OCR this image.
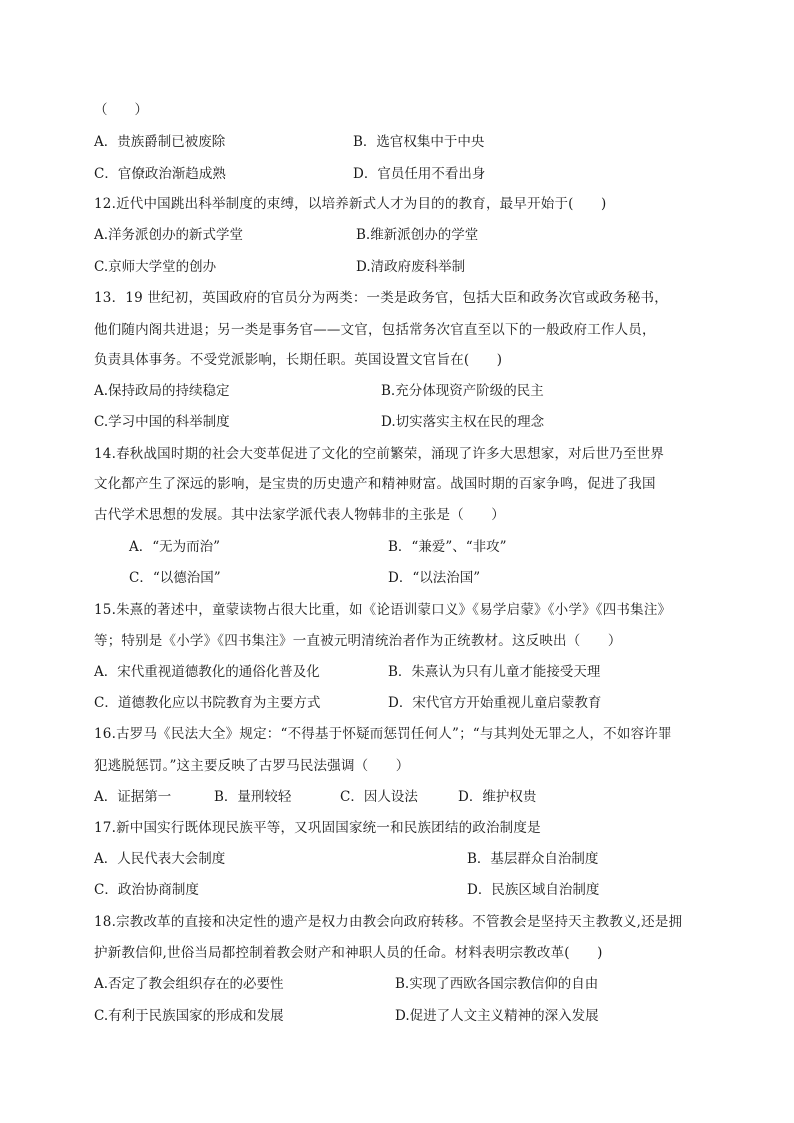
（　　）
A．贵族爵制已被废除	B．选官权集中于中央
C．官僚政治渐趋成熟	D．官员任用不看出身
12.近代中国跳出科举制度的束缚，以培养新式人才为目的的教育，最早开始于(　　)
A.洋务派创办的新式学堂	B.维新派创办的学堂
C.京师大学堂的创办	D.清政府废科举制
13．19 世纪初，英国政府的官员分为两类：一类是政务官，包括大臣和政务次官或政务秘书，
他们随内阁共进退；另一类是事务官——文官，包括常务次官直至以下的一般政府工作人员，
负责具体事务。不受党派影响，长期任职。英国设置文官旨在(　　)
A.保持政局的持续稳定	B.充分体现资产阶级的民主
C.学习中国的科举制度	D.切实落实主权在民的理念
14.春秋战国时期的社会大变革促进了文化的空前繁荣，涌现了许多大思想家，对后世乃至世界
文化都产生了深远的影响，是宝贵的历史遗产和精神财富。战国时期的百家争鸣，促进了我国
古代学术思想的发展。其中法家学派代表人物韩非的主张是（　　）
A．“无为而治”	B．“兼爱”、“非攻”
C．“以德治国”	D．“以法治国”
15.朱熹的著述中，童蒙读物占很大比重，如《论语训蒙口义》《易学启蒙》《小学》《四书集注》
等；特别是《小学》《四书集注》一直被元明清统治者作为正统教材。这反映出（　　）
A．宋代重视道德教化的通俗化普及化	B．朱熹认为只有儿童才能接受天理
C．道德教化应以书院教育为主要方式	D．宋代官方开始重视儿童启蒙教育
16.古罗马《民法大全》规定：“不得基于怀疑而惩罚任何人”；“与其判处无罪之人，不如容许罪
犯逃脱惩罚。”这主要反映了古罗马民法强调（　　）
A．证据第一	B．量刑较轻	C．因人设法	D．维护权贵
17.新中国实行既体现民族平等，又巩固国家统一和民族团结的政治制度是
A．人民代表大会制度	B．基层群众自治制度
C．政治协商制度	D．民族区域自治制度
18.宗教改革的直接和决定性的遗产是权力由教会向政府转移。不管教会是坚持天主教教义,还是拥
护新教信仰,世俗当局都控制着教会财产和神职人员的任命。材料表明宗教改革(　　)
A.否定了教会组织存在的必要性	B.实现了西欧各国宗教信仰的自由
C.有利于民族国家的形成和发展	D.促进了人文主义精神的深入发展
